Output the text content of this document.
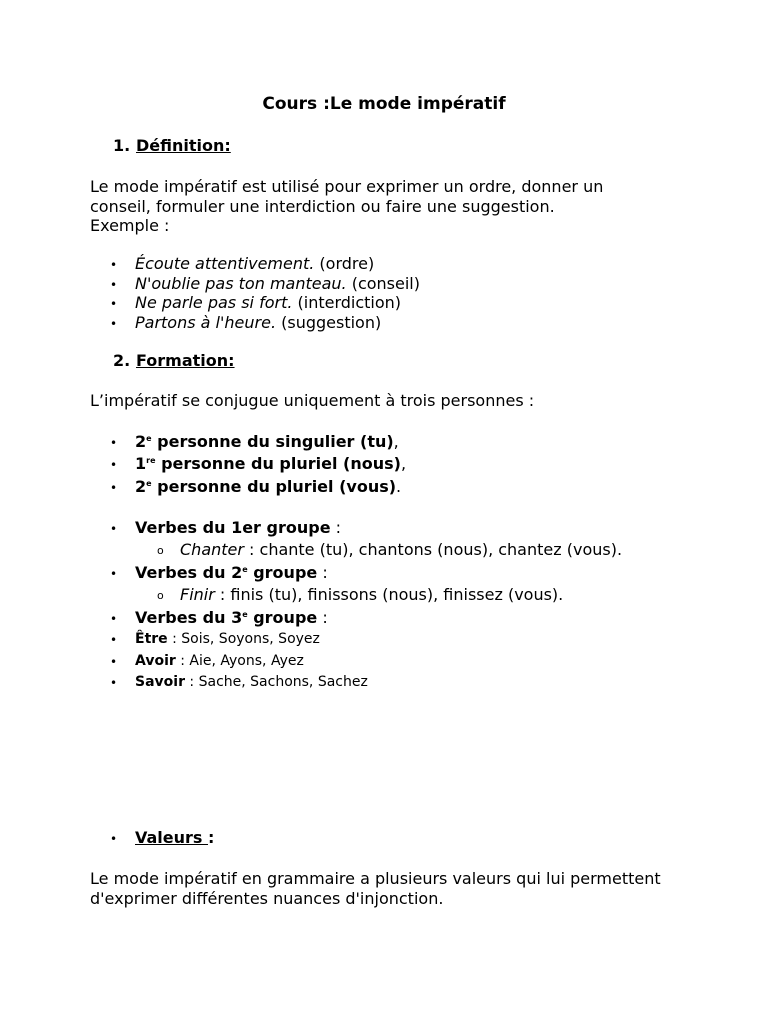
Cours :Le mode impératif
1. Définition:
Le mode impératif est utilisé pour exprimer un ordre, donner un
conseil, formuler une interdiction ou faire une suggestion.
Exemple :
• Écoute attentivement. (ordre)
• N'oublie pas ton manteau. (conseil)
• Ne parle pas si fort. (interdiction)
• Partons à l'heure. (suggestion)
2. Formation:
L’impératif se conjugue uniquement à trois personnes :
• 2e personne du singulier (tu),
• 1re personne du pluriel (nous),
• 2e personne du pluriel (vous).
• Verbes du 1er groupe :
o Chanter : chante (tu), chantons (nous), chantez (vous).
• Verbes du 2e groupe :
o Finir : finis (tu), finissons (nous), finissez (vous).
• Verbes du 3e groupe :
• Être : Sois, Soyons, Soyez
• Avoir : Aie, Ayons, Ayez
• Savoir : Sache, Sachons, Sachez
• Valeurs :
Le mode impératif en grammaire a plusieurs valeurs qui lui permettent
d'exprimer différentes nuances d'injonction.
